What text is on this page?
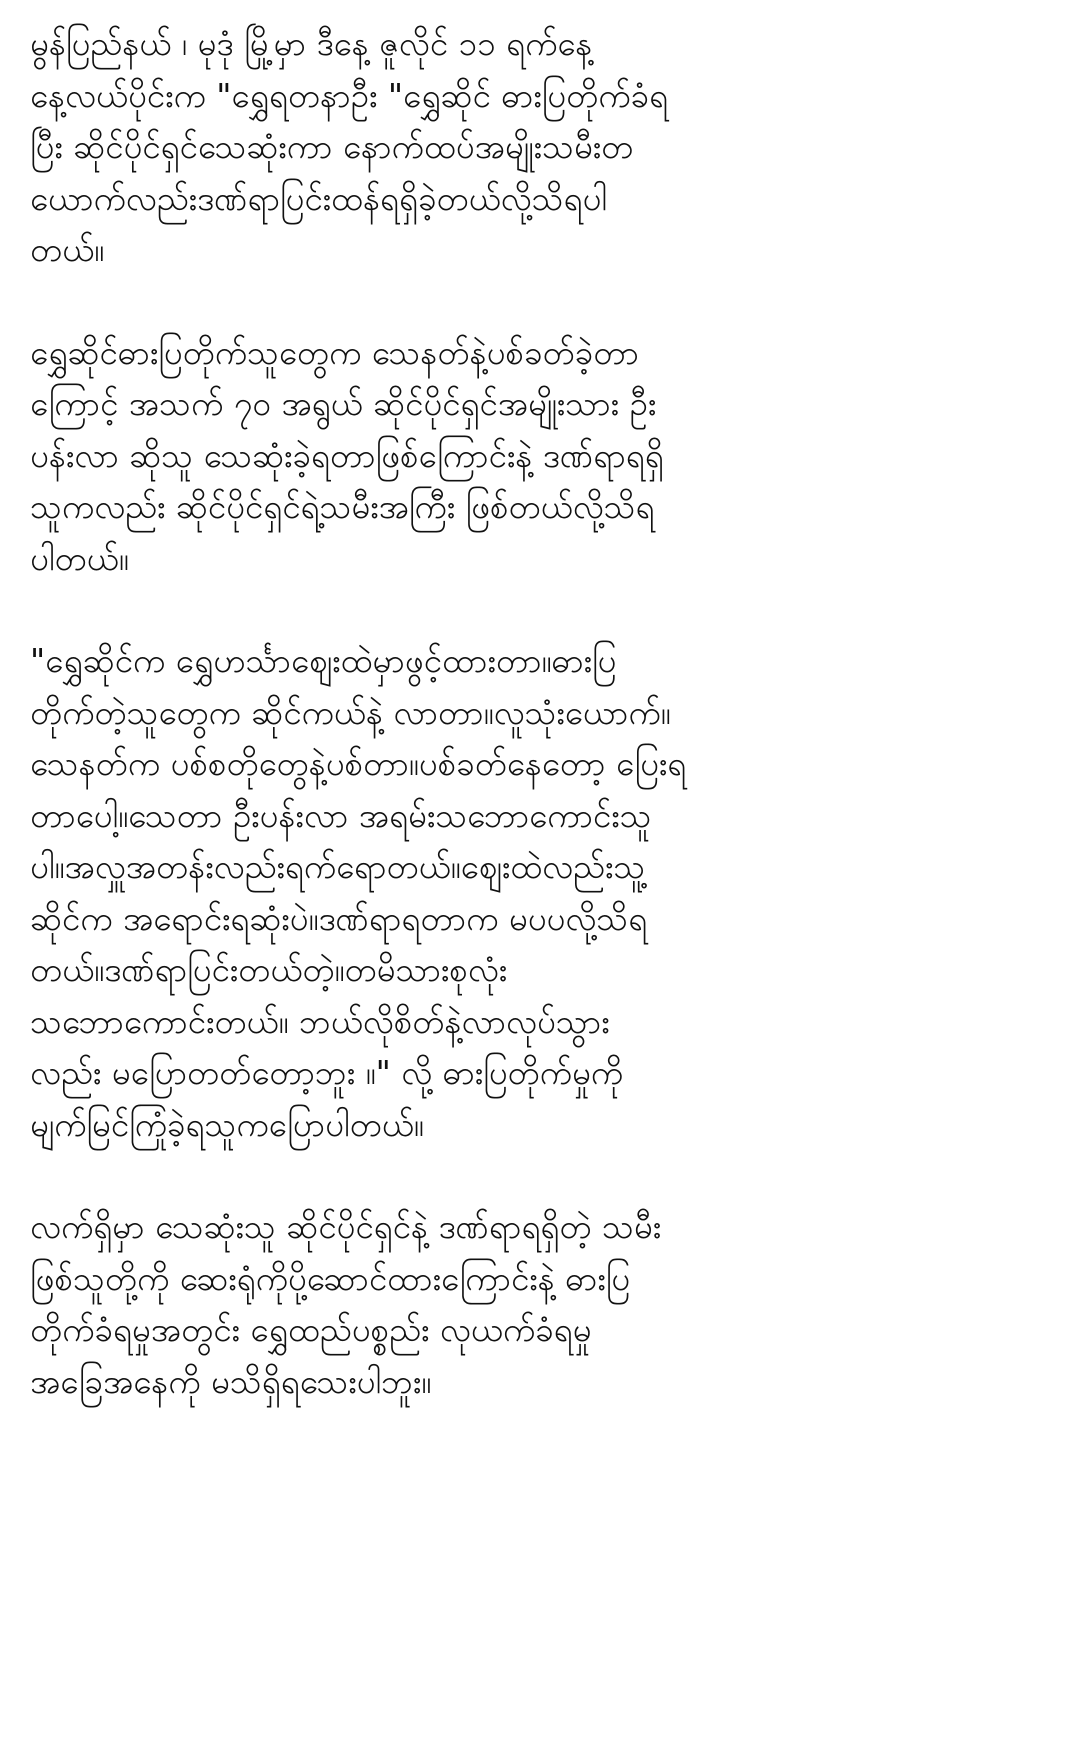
မွန်ပြည်နယ် ၊ မုဒုံ မြို့မှာ ဒီနေ့ ဇူလိုင် ၁၁ ရက်နေ့
နေ့လယ်ပိုင်းက "ရွှေရတနာဦး "ရွှေဆိုင် ဓားပြတိုက်ခံရ
ပြီး ဆိုင်ပိုင်ရှင်သေဆုံးကာ နောက်ထပ်အမျိုးသမီးတ
ယောက်လည်းဒဏ်ရာပြင်းထန်ရရှိခဲ့တယ်လို့သိရပါ
တယ်။
ရွှေဆိုင်ဓားပြတိုက်သူတွေက သေနတ်နဲ့ပစ်ခတ်ခဲ့တာ
ကြောင့် အသက် ၇၀ အရွယ် ဆိုင်ပိုင်ရှင်အမျိုးသား ဦး
ပန်းလာ ဆိုသူ သေဆုံးခဲ့ရတာဖြစ်ကြောင်းနဲ့ ဒဏ်ရာရရှိ
သူကလည်း ဆိုင်ပိုင်ရှင်ရဲ့သမီးအကြီး ဖြစ်တယ်လို့သိရ
ပါတယ်။
"ရွှေဆိုင်က ရွှေဟင်္သာဈေးထဲမှာဖွင့်ထားတာ။ဓားပြ
တိုက်တဲ့သူတွေက ဆိုင်ကယ်နဲ့ လာတာ။လူသုံးယောက်။
သေနတ်က ပစ်စတိုတွေနဲ့ပစ်တာ။ပစ်ခတ်နေတော့ ပြေးရ
တာပေါ့။သေတာ ဦးပန်းလာ အရမ်းသဘောကောင်းသူ
ပါ။အလှူအတန်းလည်းရက်ရောတယ်။ဈေးထဲလည်းသူ့
ဆိုင်က အရောင်းရဆုံးပဲ။ဒဏ်ရာရတာက မပပလို့သိရ
တယ်။ဒဏ်ရာပြင်းတယ်တဲ့။တမိသားစုလုံး
သဘောကောင်းတယ်။ ဘယ်လိုစိတ်နဲ့လာလုပ်သွား
လည်း မပြောတတ်တော့ဘူး ။" လို့ ဓားပြတိုက်မှုကို
မျက်မြင်ကြုံခဲ့ရသူကပြောပါတယ်။
လက်ရှိမှာ သေဆုံးသူ ဆိုင်ပိုင်ရှင်နဲ့ ဒဏ်ရာရရှိတဲ့ သမီး
ဖြစ်သူတို့ကို ဆေးရုံကိုပို့ဆောင်ထားကြောင်းနဲ့ ဓားပြ
တိုက်ခံရမှုအတွင်း ရွှေထည်ပစ္စည်း လုယက်ခံရမှု
အခြေအနေကို မသိရှိရသေးပါဘူး။
